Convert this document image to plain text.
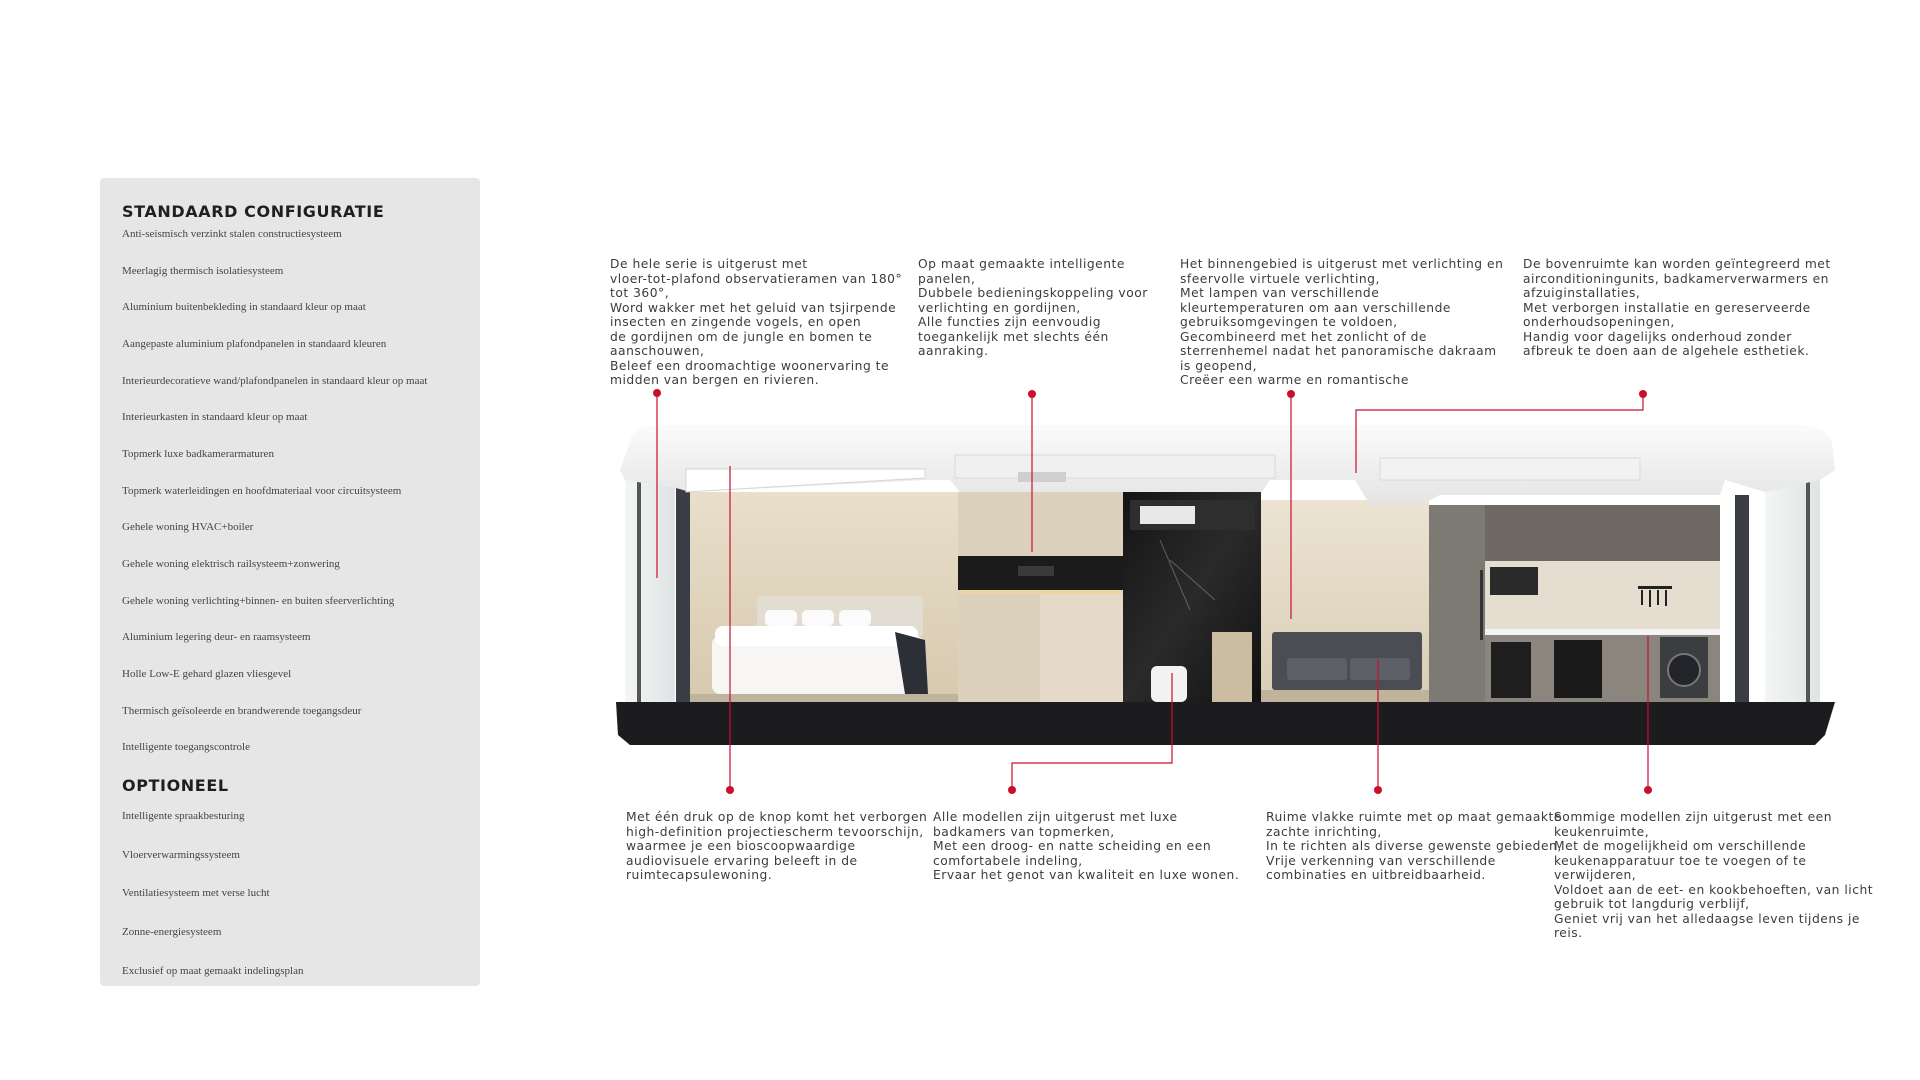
STANDAARD CONFIGURATIE
Anti-seismisch verzinkt stalen constructiesysteem
Meerlagig thermisch isolatiesysteem
Aluminium buitenbekleding in standaard kleur op maat
Aangepaste aluminium plafondpanelen in standaard kleuren
Interieurdecoratieve wand/plafondpanelen in standaard kleur op maat
Interieurkasten in standaard kleur op maat
Topmerk luxe badkamerarmaturen
Topmerk waterleidingen en hoofdmateriaal voor circuitsysteem
Gehele woning HVAC+boiler
Gehele woning elektrisch railsysteem+zonwering
Gehele woning verlichting+binnen- en buiten sfeerverlichting
Aluminium legering deur- en raamsysteem
Holle Low-E gehard glazen vliesgevel
Thermisch geïsoleerde en brandwerende toegangsdeur
Intelligente toegangscontrole
OPTIONEEL
Intelligente spraakbesturing
Vloerverwarmingssysteem
Ventilatiesysteem met verse lucht
Zonne-energiesysteem
Exclusief op maat gemaakt indelingsplan

De hele serie is uitgerust met
vloer-tot-plafond observatieramen van 180°
tot 360°,
Word wakker met het geluid van tsjirpende
insecten en zingende vogels, en open
de gordijnen om de jungle en bomen te
aanschouwen,
Beleef een droomachtige woonervaring te
midden van bergen en rivieren.

Op maat gemaakte intelligente
panelen,
Dubbele bedieningskoppeling voor
verlichting en gordijnen,
Alle functies zijn eenvoudig
toegankelijk met slechts één
aanraking.

Het binnengebied is uitgerust met verlichting en
sfeervolle virtuele verlichting,
Met lampen van verschillende
kleurtemperaturen om aan verschillende
gebruiksomgevingen te voldoen,
Gecombineerd met het zonlicht of de
sterrenhemel nadat het panoramische dakraam
is geopend,
Creëer een warme en romantische

De bovenruimte kan worden geïntegreerd met
airconditioningunits, badkamerverwarmers en
afzuiginstallaties,
Met verborgen installatie en gereserveerde
onderhoudsopeningen,
Handig voor dagelijks onderhoud zonder
afbreuk te doen aan de algehele esthetiek.

Met één druk op de knop komt het verborgen
high-definition projectiescherm tevoorschijn,
waarmee je een bioscoopwaardige
audiovisuele ervaring beleeft in de
ruimtecapsulewoning.

Alle modellen zijn uitgerust met luxe
badkamers van topmerken,
Met een droog- en natte scheiding en een
comfortabele indeling,
Ervaar het genot van kwaliteit en luxe wonen.

Ruime vlakke ruimte met op maat gemaakte
zachte inrichting,
In te richten als diverse gewenste gebieden,
Vrije verkenning van verschillende
combinaties en uitbreidbaarheid.

Sommige modellen zijn uitgerust met een
keukenruimte,
Met de mogelijkheid om verschillende
keukenapparatuur toe te voegen of te
verwijderen,
Voldoet aan de eet- en kookbehoeften, van licht
gebruik tot langdurig verblijf,
Geniet vrij van het alledaagse leven tijdens je
reis.
